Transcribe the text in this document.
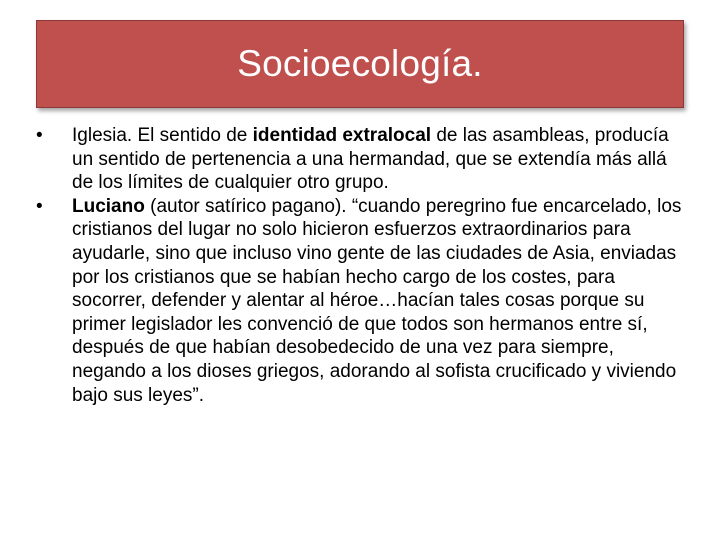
Socioecología.

•	Iglesia. El sentido de identidad extralocal de las asambleas, producía un sentido de pertenencia a una hermandad, que se extendía más allá de los límites de cualquier otro grupo.

•	Luciano (autor satírico pagano). “cuando peregrino fue encarcelado, los cristianos del lugar no solo hicieron esfuerzos extraordinarios para ayudarle, sino que incluso vino gente de las ciudades de Asia, enviadas por los cristianos que se habían hecho cargo de los costes, para socorrer, defender y alentar al héroe…hacían tales cosas porque su primer legislador les convenció de que todos son hermanos entre sí, después de que habían desobedecido de una vez para siempre, negando a los dioses griegos, adorando al sofista crucificado y viviendo bajo sus leyes”.
